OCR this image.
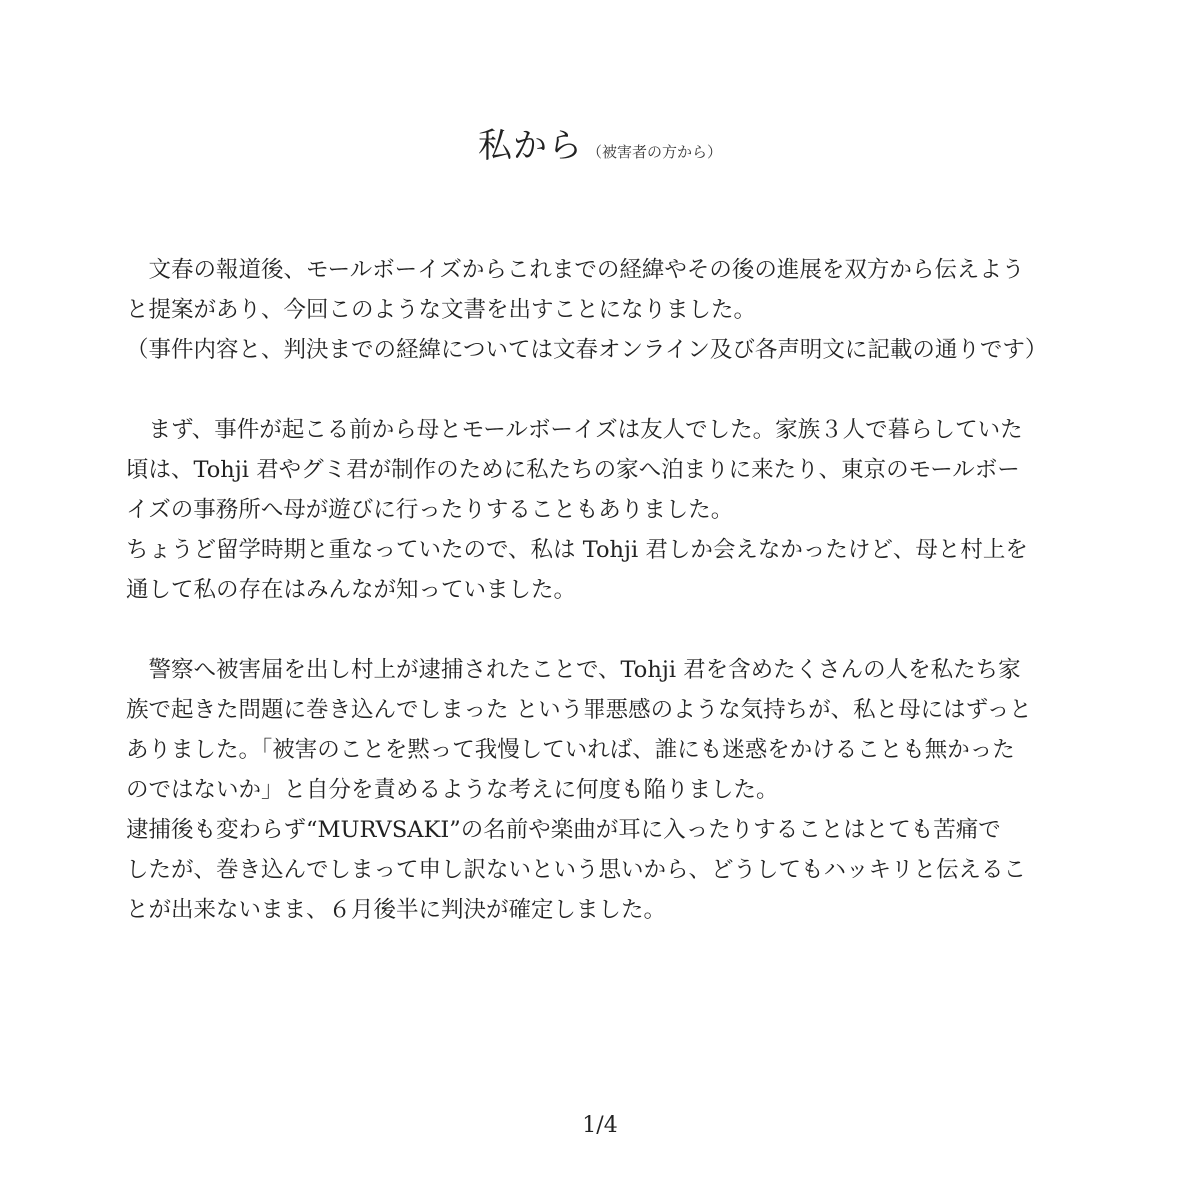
私から （被害者の方から）
　文春の報道後、モールボーイズからこれまでの経緯やその後の進展を双方から伝えよう
と提案があり、今回このような文書を出すことになりました。
（事件内容と、判決までの経緯については文春オンライン及び各声明文に記載の通りです）
　まず、事件が起こる前から母とモールボーイズは友人でした。家族３人で暮らしていた
頃は、Tohji 君やグミ君が制作のために私たちの家へ泊まりに来たり、東京のモールボー
イズの事務所へ母が遊びに行ったりすることもありました。
ちょうど留学時期と重なっていたので、私は Tohji 君しか会えなかったけど、母と村上を
通して私の存在はみんなが知っていました。
　警察へ被害届を出し村上が逮捕されたことで、Tohji 君を含めたくさんの人を私たち家
族で起きた問題に巻き込んでしまった という罪悪感のような気持ちが、私と母にはずっと
ありました。「被害のことを黙って我慢していれば、誰にも迷惑をかけることも無かった
のではないか」と自分を責めるような考えに何度も陥りました。
逮捕後も変わらず“MURVSAKI”の名前や楽曲が耳に入ったりすることはとても苦痛で
したが、巻き込んでしまって申し訳ないという思いから、どうしてもハッキリと伝えるこ
とが出来ないまま、６月後半に判決が確定しました。
1/4
